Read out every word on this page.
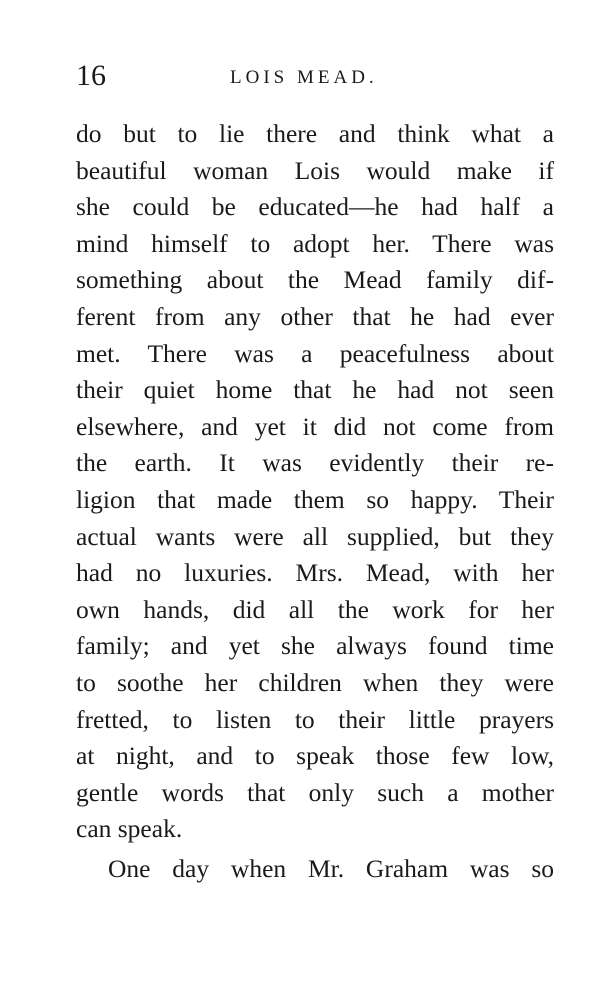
16	LOIS MEAD.
do but to lie there and think what a
beautiful woman Lois would make if
she could be educated—he had half a
mind himself to adopt her. There was
something about the Mead family dif-
ferent from any other that he had ever
met. There was a peacefulness about
their quiet home that he had not seen
elsewhere, and yet it did not come from
the earth. It was evidently their re-
ligion that made them so happy. Their
actual wants were all supplied, but they
had no luxuries. Mrs. Mead, with her
own hands, did all the work for her
family; and yet she always found time
to soothe her children when they were
fretted, to listen to their little prayers
at night, and to speak those few low,
gentle words that only such a mother
can speak.
One day when Mr. Graham was so
